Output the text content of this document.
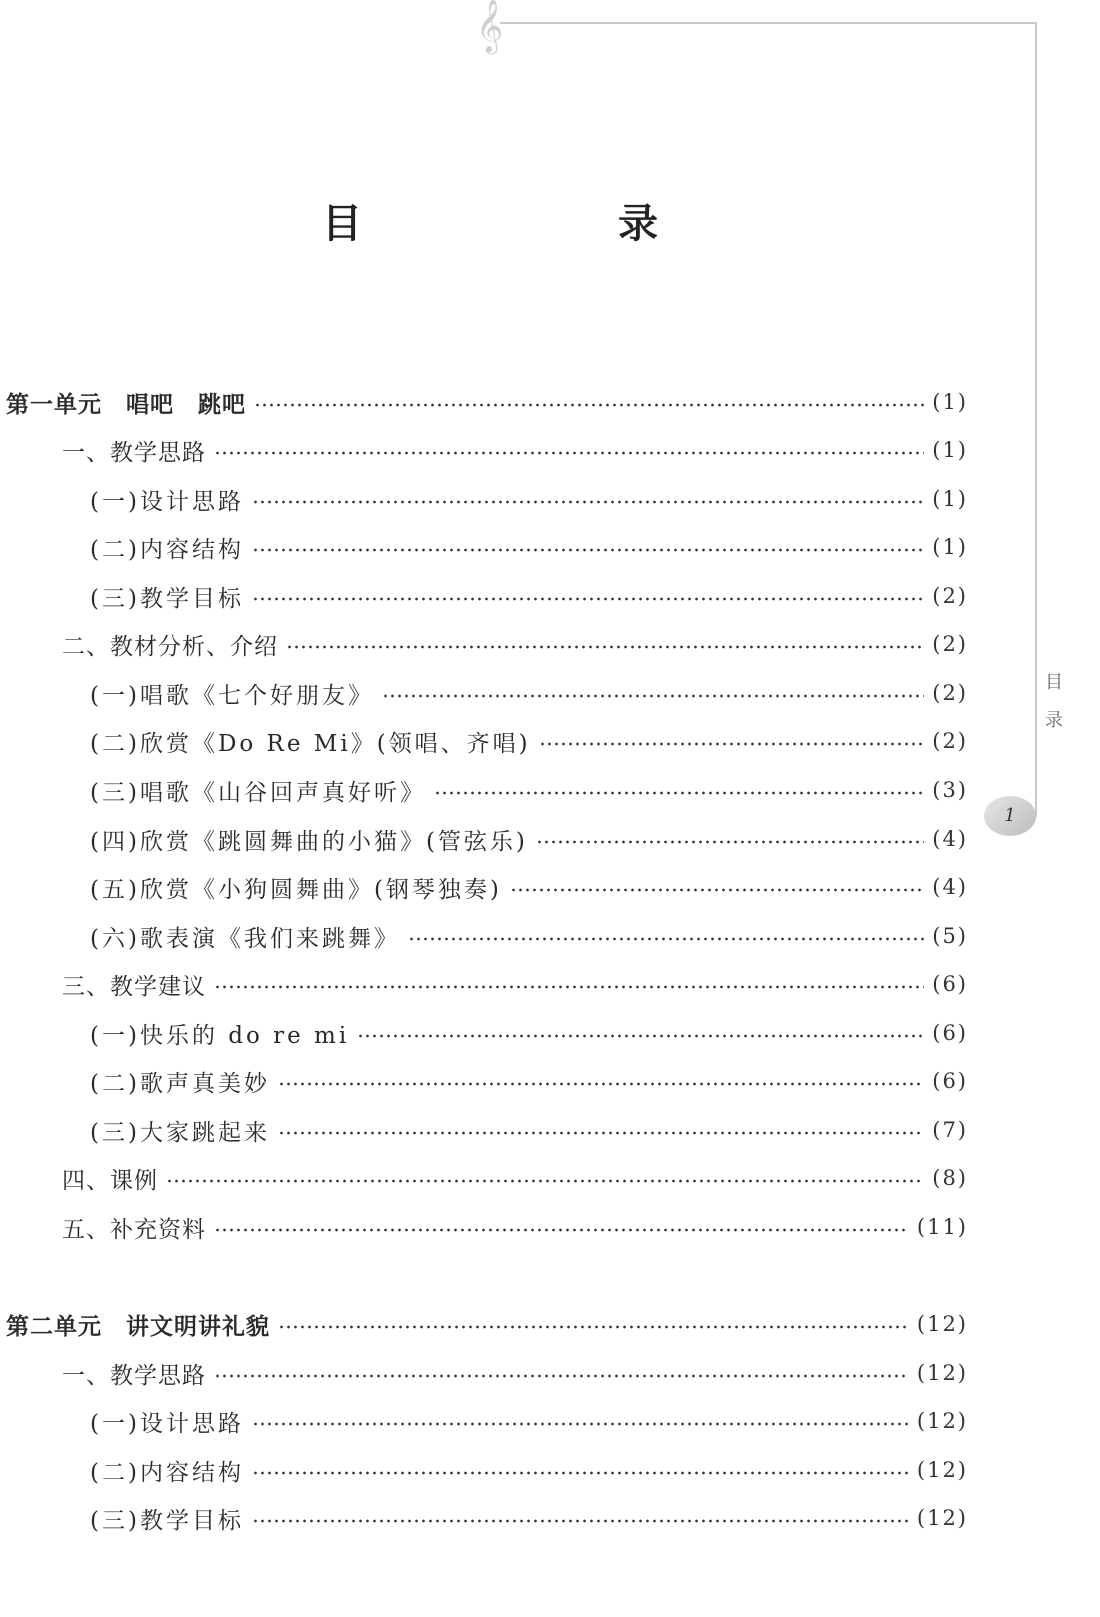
𝄞
目　录
目
录
1
第一单元　唱吧　跳吧	(1)
一、教学思路	(1)
(一)设计思路	(1)
(二)内容结构	(1)
(三)教学目标	(2)
二、教材分析、介绍	(2)
(一)唱歌《七个好朋友》	(2)
(二)欣赏《Do Re Mi》(领唱、齐唱)	(2)
(三)唱歌《山谷回声真好听》	(3)
(四)欣赏《跳圆舞曲的小猫》(管弦乐)	(4)
(五)欣赏《小狗圆舞曲》(钢琴独奏)	(4)
(六)歌表演《我们来跳舞》	(5)
三、教学建议	(6)
(一)快乐的 do re mi	(6)
(二)歌声真美妙	(6)
(三)大家跳起来	(7)
四、课例	(8)
五、补充资料	(11)
第二单元　讲文明讲礼貌	(12)
一、教学思路	(12)
(一)设计思路	(12)
(二)内容结构	(12)
(三)教学目标	(12)
